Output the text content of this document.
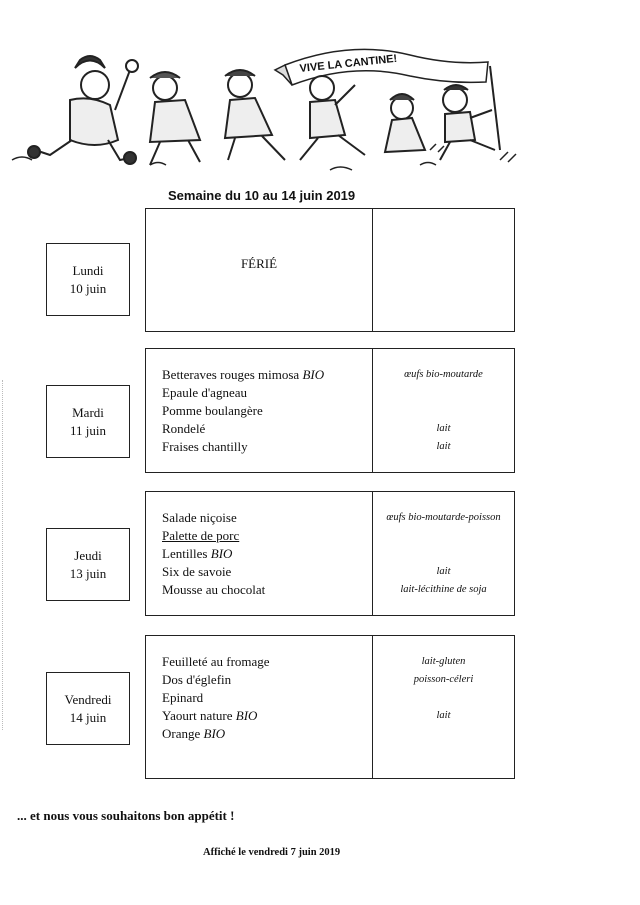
VIVE LA CANTINE!
Semaine du 10 au 14 juin 2019
Lundi
10 juin
FÉRIÉ
Mardi
11 juin
Betteraves rouges mimosa BIO
Epaule d'agneau
Pomme boulangère
Rondelé
Fraises chantilly
œufs bio-moutarde
lait
lait
Jeudi
13 juin
Salade niçoise
Palette de porc
Lentilles BIO
Six de savoie
Mousse au chocolat
œufs bio-moutarde-poisson
lait
lait-lécithine de soja
Vendredi
14 juin
Feuilleté au fromage
Dos d'églefin
Epinard
Yaourt nature BIO
Orange BIO
lait-gluten
poisson-céleri
lait
... et nous vous souhaitons bon appétit !
Affiché le vendredi 7 juin 2019
